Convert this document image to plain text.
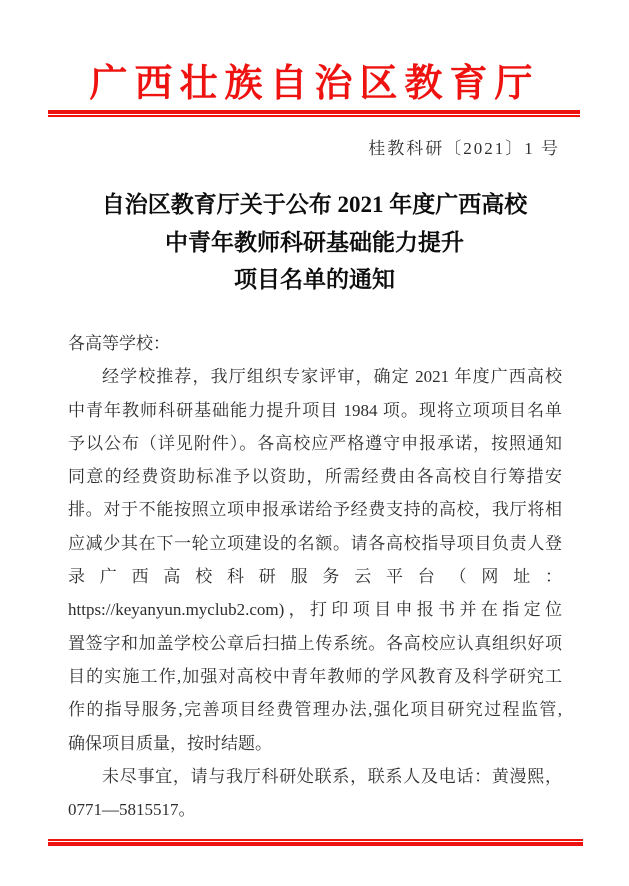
广西壮族自治区教育厅
桂教科研〔2021〕1 号
自治区教育厅关于公布 2021 年度广西高校
中青年教师科研基础能力提升
项目名单的通知
各高等学校：
经学校推荐，我厅组织专家评审，确定 2021 年度广西高校
中青年教师科研基础能力提升项目 1984 项。现将立项项目名单
予以公布（详见附件）。各高校应严格遵守申报承诺，按照通知
同意的经费资助标准予以资助，所需经费由各高校自行筹措安
排。对于不能按照立项申报承诺给予经费支持的高校，我厅将相
应减少其在下一轮立项建设的名额。请各高校指导项目负责人登
录广西高校科研服务云平台（网址：
https://keyanyun.myclub2.com)，打印项目申报书并在指定位
置签字和加盖学校公章后扫描上传系统。各高校应认真组织好项
目的实施工作,加强对高校中青年教师的学风教育及科学研究工
作的指导服务,完善项目经费管理办法,强化项目研究过程监管,
确保项目质量，按时结题。
未尽事宜，请与我厅科研处联系，联系人及电话：黄漫熙，
0771—5815517。
